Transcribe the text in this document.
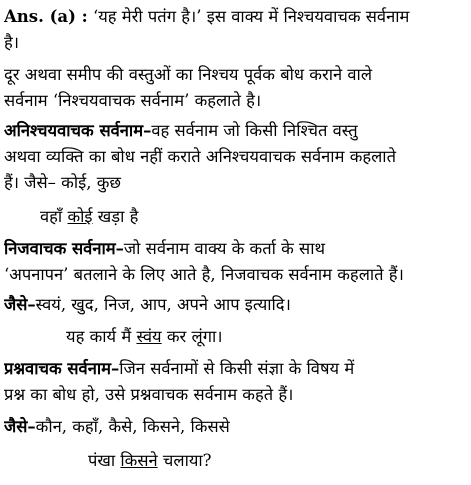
Ans. (a) : ‘यह मेरी पतंग है।’ इस वाक्य में निश्चयवाचक सर्वनाम
है।
दूर अथवा समीप की वस्तुओं का निश्चय पूर्वक बोध कराने वाले
सर्वनाम ‘निश्चयवाचक सर्वनाम’ कहलाते है।
अनिश्चयवाचक सर्वनाम–वह सर्वनाम जो किसी निश्चित वस्तु
अथवा व्यक्ति का बोध नहीं कराते अनिश्चयवाचक सर्वनाम कहलाते
हैं। जैसे– कोई, कुछ
वहाँ कोई खड़ा है
निजवाचक सर्वनाम–जो सर्वनाम वाक्य के कर्ता के साथ
‘अपनापन’ बतलाने के लिए आते है, निजवाचक सर्वनाम कहलाते हैं।
जैसे–स्वयं, खुद, निज, आप, अपने आप इत्यादि।
यह कार्य मैं स्वंय कर लूंगा।
प्रश्नवाचक सर्वनाम–जिन सर्वनामों से किसी संज्ञा के विषय में
प्रश्न का बोध हो, उसे प्रश्नवाचक सर्वनाम कहते हैं।
जैसे–कौन, कहाँ, कैसे, किसने, किससे
पंखा किसने चलाया?
